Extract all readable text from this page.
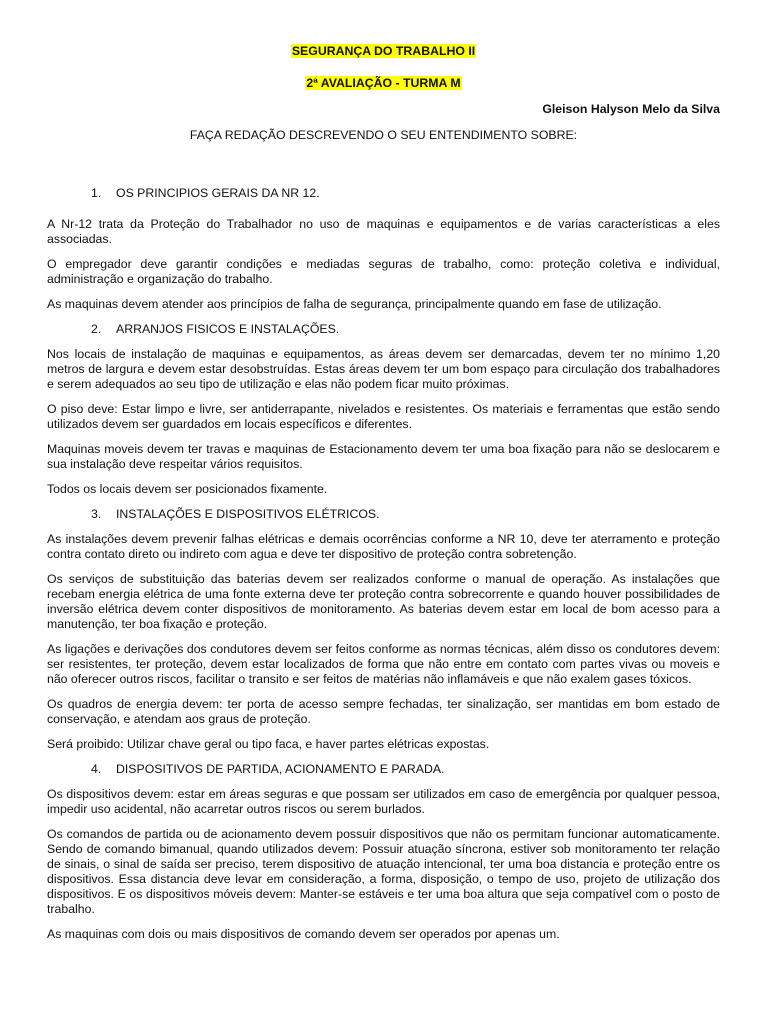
SEGURANÇA DO TRABALHO II
2ª AVALIAÇÃO - TURMA M
Gleison Halyson Melo da Silva
FAÇA REDAÇÃO DESCREVENDO O SEU ENTENDIMENTO SOBRE:
1. OS PRINCIPIOS GERAIS DA NR 12.

A Nr-12 trata da Proteção do Trabalhador no uso de maquinas e equipamentos e de varias características a eles associadas.

O empregador deve garantir condições e mediadas seguras de trabalho, como: proteção coletiva e individual, administração e organização do trabalho.

As maquinas devem atender aos princípios de falha de segurança, principalmente quando em fase de utilização.

2. ARRANJOS FISICOS E INSTALAÇÕES.

Nos locais de instalação de maquinas e equipamentos, as áreas devem ser demarcadas, devem ter no mínimo 1,20 metros de largura e devem estar desobstruídas. Estas áreas devem ter um bom espaço para circulação dos trabalhadores e serem adequados ao seu tipo de utilização e elas não podem ficar muito próximas.

O piso deve: Estar limpo e livre, ser antiderrapante, nivelados e resistentes. Os materiais e ferramentas que estão sendo utilizados devem ser guardados em locais específicos e diferentes.

Maquinas moveis devem ter travas e maquinas de Estacionamento devem ter uma boa fixação para não se deslocarem e sua instalação deve respeitar vários requisitos.

Todos os locais devem ser posicionados fixamente.

3. INSTALAÇÕES E DISPOSITIVOS ELÉTRICOS.

As instalações devem prevenir falhas elétricas e demais ocorrências conforme a NR 10, deve ter aterramento e proteção contra contato direto ou indireto com agua e deve ter dispositivo de proteção contra sobretenção.

Os serviços de substituição das baterias devem ser realizados conforme o manual de operação. As instalações que recebam energia elétrica de uma fonte externa deve ter proteção contra sobrecorrente e quando houver possibilidades de inversão elétrica devem conter dispositivos de monitoramento. As baterias devem estar em local de bom acesso para a manutenção, ter boa fixação e proteção.

As ligações e derivações dos condutores devem ser feitos conforme as normas técnicas, além disso os condutores devem: ser resistentes, ter proteção, devem estar localizados de forma que não entre em contato com partes vivas ou moveis e não oferecer outros riscos, facilitar o transito e ser feitos de matérias não inflamáveis e que não exalem gases tóxicos.

Os quadros de energia devem: ter porta de acesso sempre fechadas, ter sinalização, ser mantidas em bom estado de conservação, e atendam aos graus de proteção.

Será proibido: Utilizar chave geral ou tipo faca, e haver partes elétricas expostas.

4. DISPOSITIVOS DE PARTIDA, ACIONAMENTO E PARADA.

Os dispositivos devem: estar em áreas seguras e que possam ser utilizados em caso de emergência por qualquer pessoa, impedir uso acidental, não acarretar outros riscos ou serem burlados.

Os comandos de partida ou de acionamento devem possuir dispositivos que não os permitam funcionar automaticamente. Sendo de comando bimanual, quando utilizados devem: Possuir atuação síncrona, estiver sob monitoramento ter relação de sinais, o sinal de saída ser preciso, terem dispositivo de atuação intencional, ter uma boa distancia e proteção entre os dispositivos. Essa distancia deve levar em consideração, a forma, disposição, o tempo de uso, projeto de utilização dos dispositivos. E os dispositivos móveis devem: Manter-se estáveis e ter uma boa altura que seja compatível com o posto de trabalho.

As maquinas com dois ou mais dispositivos de comando devem ser operados por apenas um.
